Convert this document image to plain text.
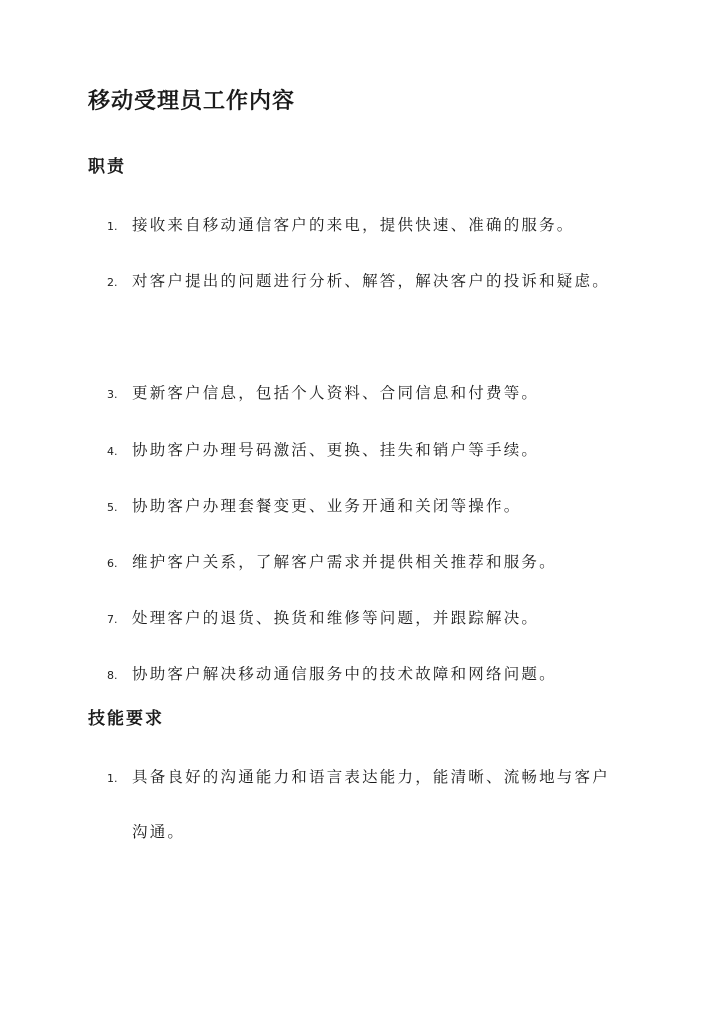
移动受理员工作内容
职责
1. 接收来自移动通信客户的来电，提供快速、准确的服务。
2. 对客户提出的问题进行分析、解答，解决客户的投诉和疑虑。
3. 更新客户信息，包括个人资料、合同信息和付费等。
4. 协助客户办理号码激活、更换、挂失和销户等手续。
5. 协助客户办理套餐变更、业务开通和关闭等操作。
6. 维护客户关系，了解客户需求并提供相关推荐和服务。
7. 处理客户的退货、换货和维修等问题，并跟踪解决。
8. 协助客户解决移动通信服务中的技术故障和网络问题。
技能要求
1. 具备良好的沟通能力和语言表达能力，能清晰、流畅地与客户沟通。
